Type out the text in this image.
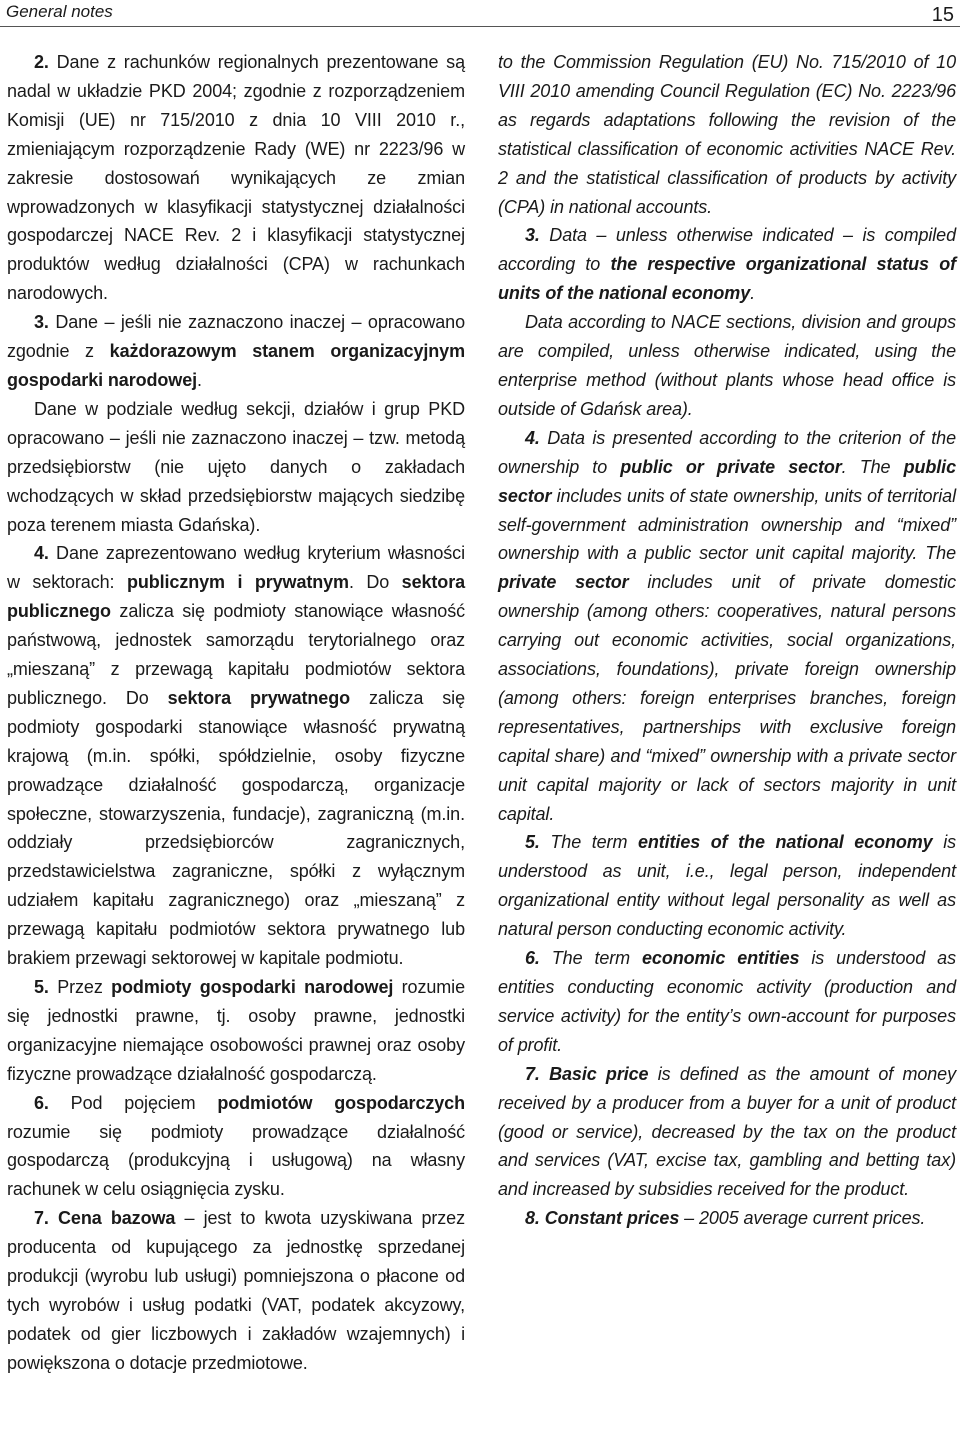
General notes	15

2. Dane z rachunków regionalnych prezentowane są nadal w układzie PKD 2004; zgodnie z rozporządzeniem Komisji (UE) nr 715/2010 z dnia 10 VIII 2010 r., zmieniającym rozporządzenie Rady (WE) nr 2223/96 w zakresie dostosowań wynikających ze zmian wprowadzonych w klasyfikacji statystycznej działalności gospodarczej NACE Rev. 2 i klasyfikacji statystycznej produktów według działalności (CPA) w rachunkach narodowych.

3. Dane – jeśli nie zaznaczono inaczej – opracowano zgodnie z każdorazowym stanem organizacyjnym gospodarki narodowej.

Dane w podziale według sekcji, działów i grup PKD opracowano – jeśli nie zaznaczono inaczej – tzw. metodą przedsiębiorstw (nie ujęto danych o zakładach wchodzących w skład przedsiębiorstw mających siedzibę poza terenem miasta Gdańska).

4. Dane zaprezentowano według kryterium własności w sektorach: publicznym i prywatnym. Do sektora publicznego zalicza się podmioty stanowiące własność państwową, jednostek samorządu terytorialnego oraz „mieszaną” z przewagą kapitału podmiotów sektora publicznego. Do sektora prywatnego zalicza się podmioty gospodarki stanowiące własność prywatną krajową (m.in. spółki, spółdzielnie, osoby fizyczne prowadzące działalność gospodarczą, organizacje społeczne, stowarzyszenia, fundacje), zagraniczną (m.in. oddziały przedsiębiorców zagranicznych, przedstawicielstwa zagraniczne, spółki z wyłącznym udziałem kapitału zagranicznego) oraz „mieszaną” z przewagą kapitału podmiotów sektora prywatnego lub brakiem przewagi sektorowej w kapitale podmiotu.

5. Przez podmioty gospodarki narodowej rozumie się jednostki prawne, tj. osoby prawne, jednostki organizacyjne niemające osobowości prawnej oraz osoby fizyczne prowadzące działalność gospodarczą.

6. Pod pojęciem podmiotów gospodarczych rozumie się podmioty prowadzące działalność gospodarczą (produkcyjną i usługową) na własny rachunek w celu osiągnięcia zysku.

7. Cena bazowa – jest to kwota uzyskiwana przez producenta od kupującego za jednostkę sprzedanej produkcji (wyrobu lub usługi) pomniejszona o płacone od tych wyrobów i usług podatki (VAT, podatek akcyzowy, podatek od gier liczbowych i zakładów wzajemnych) i powiększona o dotacje przedmiotowe.

to the Commission Regulation (EU) No. 715/2010 of 10 VIII 2010 amending Council Regulation (EC) No. 2223/96 as regards adaptations following the revision of the statistical classification of economic activities NACE Rev. 2 and the statistical classification of products by activity (CPA) in national accounts.

3. Data – unless otherwise indicated – is compiled according to the respective organizational status of units of the national economy.

Data according to NACE sections, division and groups are compiled, unless otherwise indicated, using the enterprise method (without plants whose head office is outside of Gdańsk area).

4. Data is presented according to the criterion of the ownership to public or private sector. The public sector includes units of state ownership, units of territorial self-government administration ownership and “mixed” ownership with a public sector unit capital majority. The private sector includes unit of private domestic ownership (among others: cooperatives, natural persons carrying out economic activities, social organizations, associations, foundations), private foreign ownership (among others: foreign enterprises branches, foreign representatives, partnerships with exclusive foreign capital share) and “mixed” ownership with a private sector unit capital majority or lack of sectors majority in unit capital.

5. The term entities of the national economy is understood as unit, i.e., legal person, independent organizational entity without legal personality as well as natural person conducting economic activity.

6. The term economic entities is understood as entities conducting economic activity (production and service activity) for the entity’s own-account for purposes of profit.

7. Basic price is defined as the amount of money received by a producer from a buyer for a unit of product (good or service), decreased by the tax on the product and services (VAT, excise tax, gambling and betting tax) and increased by subsidies received for the product.

8. Constant prices – 2005 average current prices.
